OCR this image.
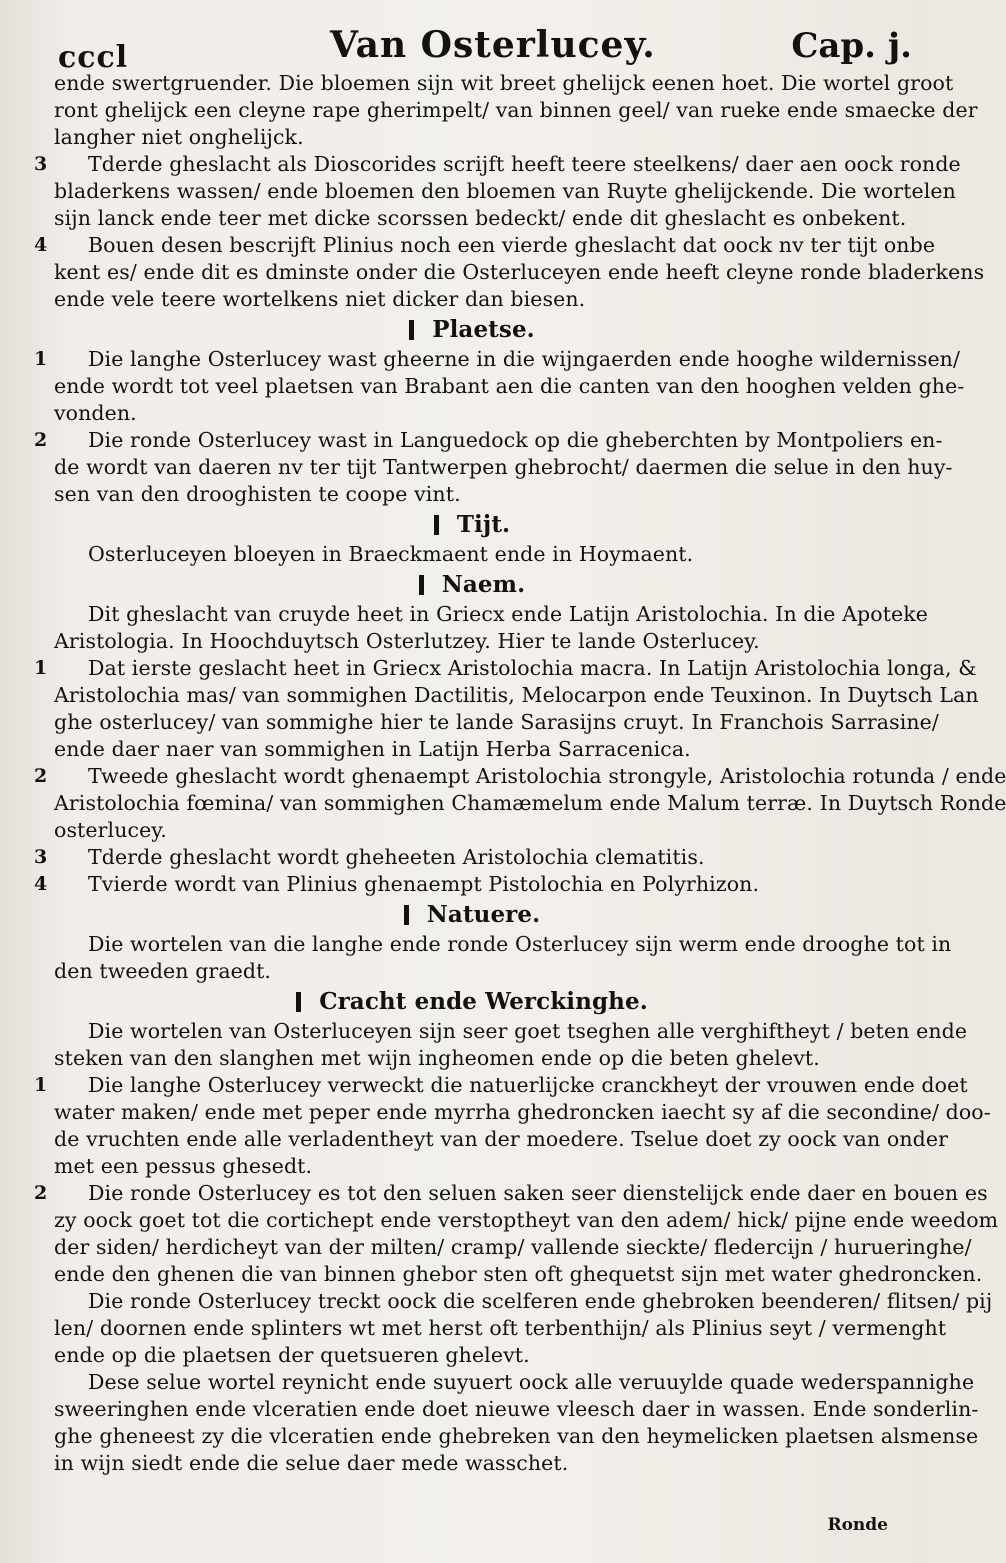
cccl	Van Osterlucey.	Cap. j.
ende swertgruender. Die bloemen sijn wit breet ghelijck eenen hoet. Die wortel groot
ront ghelijck een cleyne rape gherimpelt/ van binnen geel/ van rueke ende smaecke der
langher niet onghelijck.
3 Tderde gheslacht als Dioscorides scrijft heeft teere steelkens/ daer aen oock ronde
bladerkens wassen/ ende bloemen den bloemen van Ruyte ghelijckende. Die wortelen
sijn lanck ende teer met dicke scorssen bedeckt/ ende dit gheslacht es onbekent.
4 Bouen desen bescrijft Plinius noch een vierde gheslacht dat oock nv ter tijt onbe
kent es/ ende dit es dminste onder die Osterluceyen ende heeft cleyne ronde bladerkens
ende vele teere wortelkens niet dicker dan biesen.
Plaetse.
1 Die langhe Osterlucey wast gheerne in die wijngaerden ende hooghe wildernissen/
ende wordt tot veel plaetsen van Brabant aen die canten van den hooghen velden ghe-
vonden.
2 Die ronde Osterlucey wast in Languedock op die gheberchten by Montpoliers en-
de wordt van daeren nv ter tijt Tantwerpen ghebrocht/ daermen die selue in den huy-
sen van den drooghisten te coope vint.
Tijt.
Osterluceyen bloeyen in Braeckmaent ende in Hoymaent.
Naem.
Dit gheslacht van cruyde heet in Griecx ende Latijn Aristolochia. In die Apoteke
Aristologia. In Hoochduytsch Osterlutzey. Hier te lande Osterlucey.
1 Dat ierste geslacht heet in Griecx Aristolochia macra. In Latijn Aristolochia longa, &
Aristolochia mas/ van sommighen Dactilitis, Melocarpon ende Teuxinon. In Duytsch Lan
ghe osterlucey/ van sommighe hier te lande Sarasijns cruyt. In Franchois Sarrasine/
ende daer naer van sommighen in Latijn Herba Sarracenica.
2 Tweede gheslacht wordt ghenaempt Aristolochia strongyle, Aristolochia rotunda / ende
Aristolochia fœmina/ van sommighen Chamæmelum ende Malum terræ. In Duytsch Ronde
osterlucey.
3 Tderde gheslacht wordt gheheeten Aristolochia clematitis.
4 Tvierde wordt van Plinius ghenaempt Pistolochia en Polyrhizon.
Natuere.
Die wortelen van die langhe ende ronde Osterlucey sijn werm ende drooghe tot in
den tweeden graedt.
Cracht ende Werckinghe.
Die wortelen van Osterluceyen sijn seer goet tseghen alle verghiftheyt / beten ende
steken van den slanghen met wijn ingheomen ende op die beten ghelevt.
1 Die langhe Osterlucey verweckt die natuerlijcke cranckheyt der vrouwen ende doet
water maken/ ende met peper ende myrrha ghedroncken iaecht sy af die secondine/ doo-
de vruchten ende alle verladentheyt van der moedere. Tselue doet zy oock van onder
met een pessus ghesedt.
2 Die ronde Osterlucey es tot den seluen saken seer dienstelijck ende daer en bouen es
zy oock goet tot die cortichept ende verstoptheyt van den adem/ hick/ pijne ende weedom
der siden/ herdicheyt van der milten/ cramp/ vallende sieckte/ fledercijn / hurueringhe/
ende den ghenen die van binnen ghebor sten oft ghequetst sijn met water ghedroncken.
Die ronde Osterlucey treckt oock die scelferen ende ghebroken beenderen/ flitsen/ pij
len/ doornen ende splinters wt met herst oft terbenthijn/ als Plinius seyt / vermenght
ende op die plaetsen der quetsueren ghelevt.
Dese selue wortel reynicht ende suyuert oock alle veruuylde quade wederspannighe
sweeringhen ende vlceratien ende doet nieuwe vleesch daer in wassen. Ende sonderlin-
ghe gheneest zy die vlceratien ende ghebreken van den heymelicken plaetsen alsmense
in wijn siedt ende die selue daer mede wasschet.
Ronde
